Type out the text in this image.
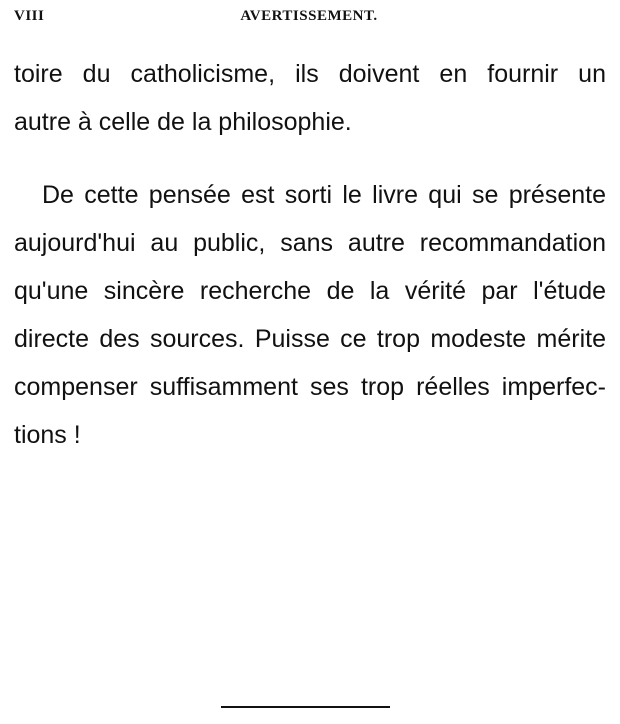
VIII	AVERTISSEMENT.
toire du catholicisme, ils doivent en fournir un
autre à celle de la philosophie.
De cette pensée est sorti le livre qui se présente
aujourd'hui au public, sans autre recommandation
qu'une sincère recherche de la vérité par l'étude
directe des sources. Puisse ce trop modeste mérite
compenser suffisamment ses trop réelles imperfec-
tions !
